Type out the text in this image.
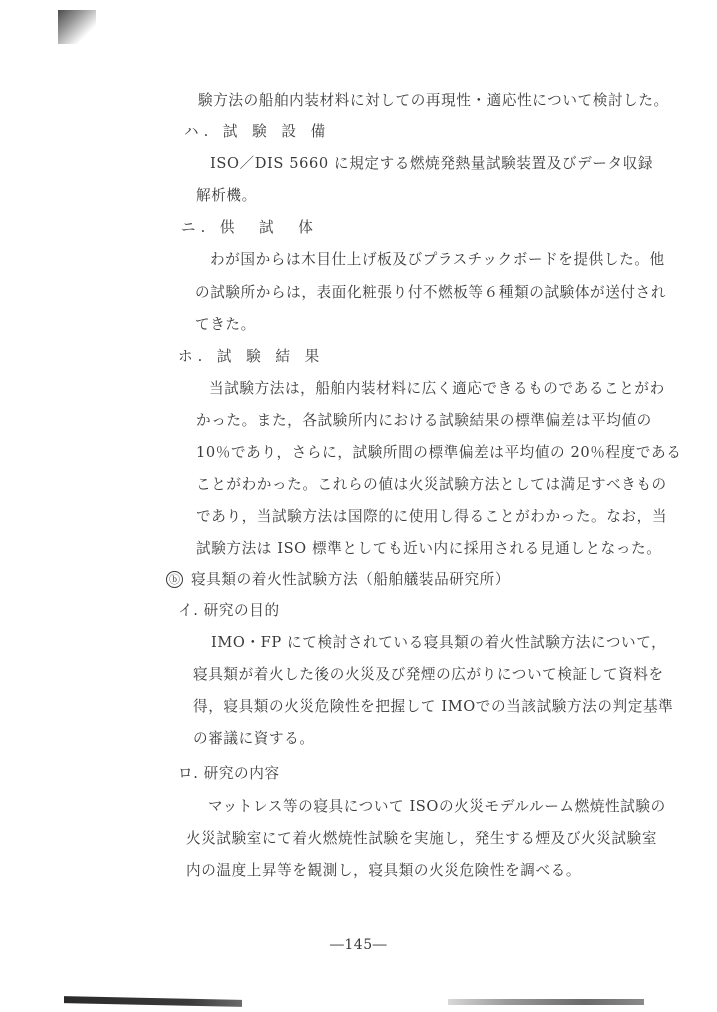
験方法の船舶内装材料に対しての再現性・適応性について検討した。
ハ. 試 験 設 備
ISO／DIS 5660 に規定する燃焼発熱量試験装置及びデータ収録
解析機。
ニ. 供　試　体
わが国からは木目仕上げ板及びプラスチックボードを提供した。他
の試験所からは，表面化粧張り付不燃板等６種類の試験体が送付され
てきた。
ホ. 試 験 結 果
当試験方法は，船舶内装材料に広く適応できるものであることがわ
かった。また，各試験所内における試験結果の標準偏差は平均値の
10％であり，さらに，試験所間の標準偏差は平均値の 20％程度である
ことがわかった。これらの値は火災試験方法としては満足すべきもの
であり，当試験方法は国際的に使用し得ることがわかった。なお，当
試験方法は ISO 標準としても近い内に採用される見通しとなった。
ⓑ 寝具類の着火性試験方法（船舶艤装品研究所）
イ. 研究の目的
IMO・FP にて検討されている寝具類の着火性試験方法について，
寝具類が着火した後の火災及び発煙の広がりについて検証して資料を
得，寝具類の火災危険性を把握して IMOでの当該試験方法の判定基準
の審議に資する。
ロ. 研究の内容
マットレス等の寝具について ISOの火災モデルルーム燃焼性試験の
火災試験室にて着火燃焼性試験を実施し，発生する煙及び火災試験室
内の温度上昇等を観測し，寝具類の火災危険性を調べる。
―145―
